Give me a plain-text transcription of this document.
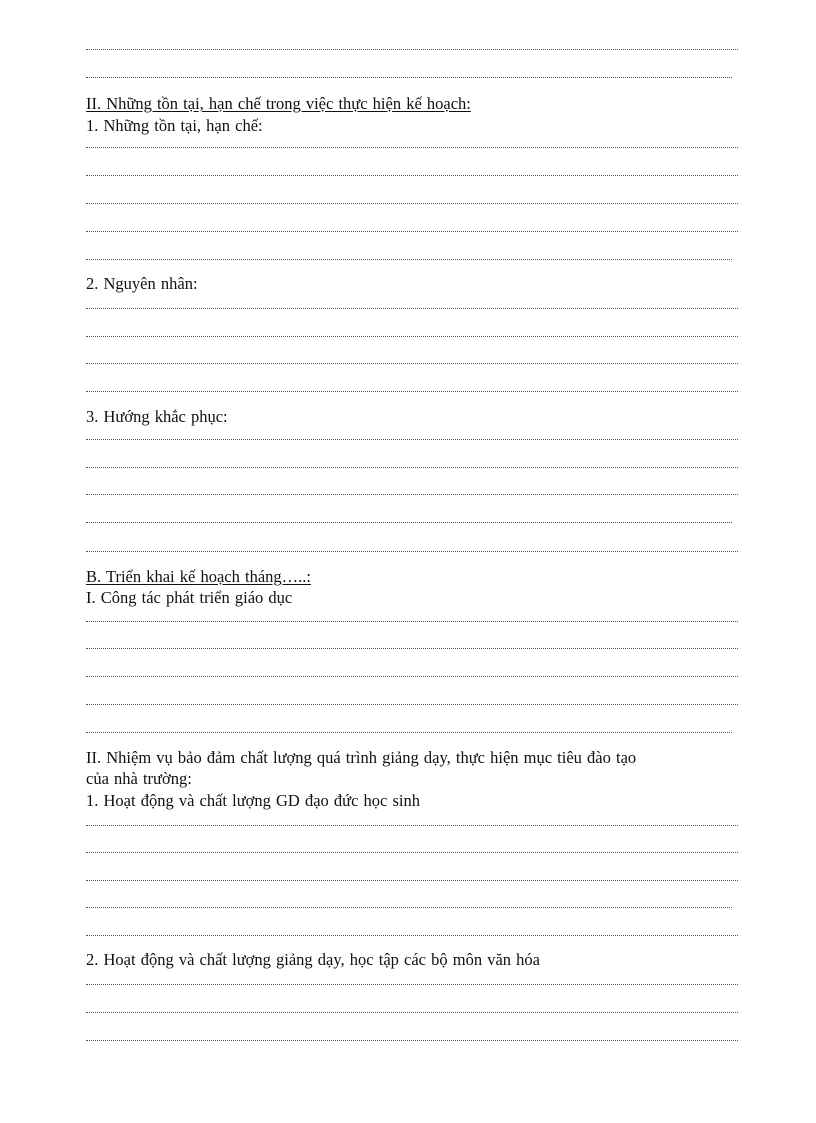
II. Những tồn tại, hạn chế trong việc thực hiện kế hoạch:
1. Những tồn tại, hạn chế:
2. Nguyên nhân:
3. Hướng khắc phục:
B. Triển khai kế hoạch tháng…..:
I. Công tác phát triển giáo dục
II. Nhiệm vụ bảo đảm chất lượng quá trình giảng dạy, thực hiện mục tiêu đào tạo
của nhà trường:
1. Hoạt động và chất lượng GD đạo đức học sinh
2. Hoạt động và chất lượng giảng dạy, học tập các bộ môn văn hóa
